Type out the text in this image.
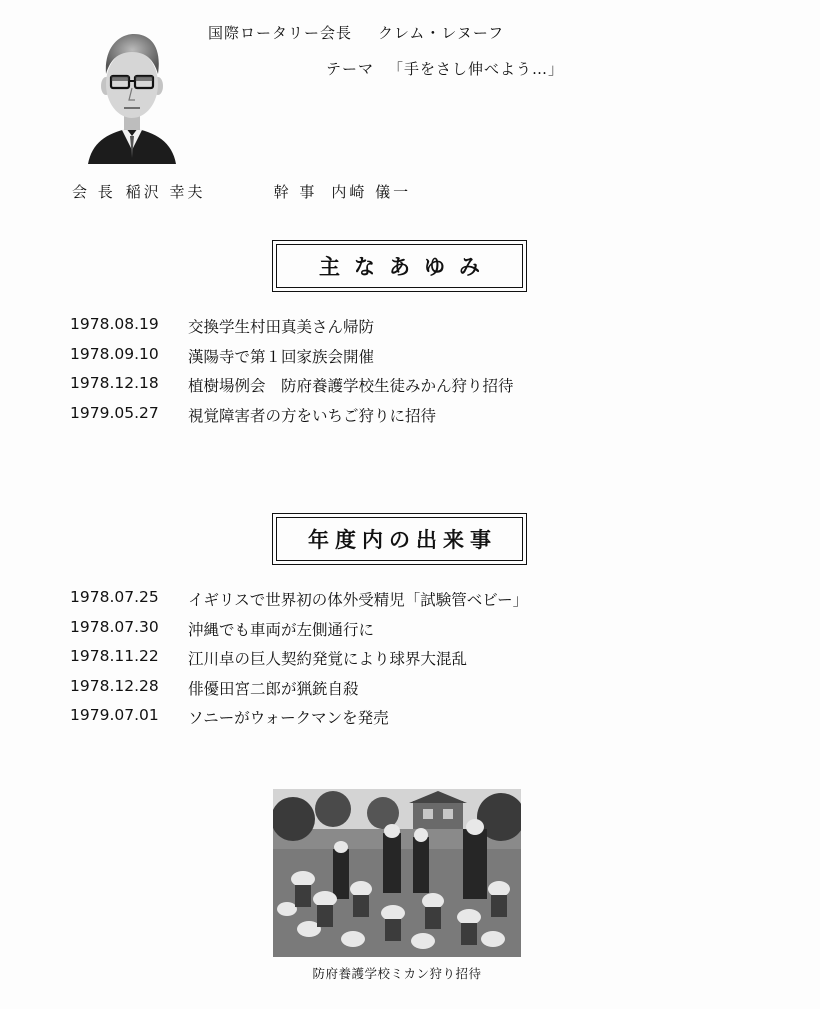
国際ロータリー会長 クレム・レヌーフ
テーマ 「手をさし伸べよう…」
会 長 稲沢 幸夫	幹 事 内崎 儀一
主なあゆみ
1978.08.19	交換学生村田真美さん帰防
1978.09.10	漢陽寺で第１回家族会開催
1978.12.18	植樹場例会　防府養護学校生徒みかん狩り招待
1979.05.27	視覚障害者の方をいちご狩りに招待
年度内の出来事
1978.07.25	イギリスで世界初の体外受精児「試験管ベビー」
1978.07.30	沖縄でも車両が左側通行に
1978.11.22	江川卓の巨人契約発覚により球界大混乱
1978.12.28	俳優田宮二郎が猟銃自殺
1979.07.01	ソニーがウォークマンを発売
防府養護学校ミカン狩り招待
